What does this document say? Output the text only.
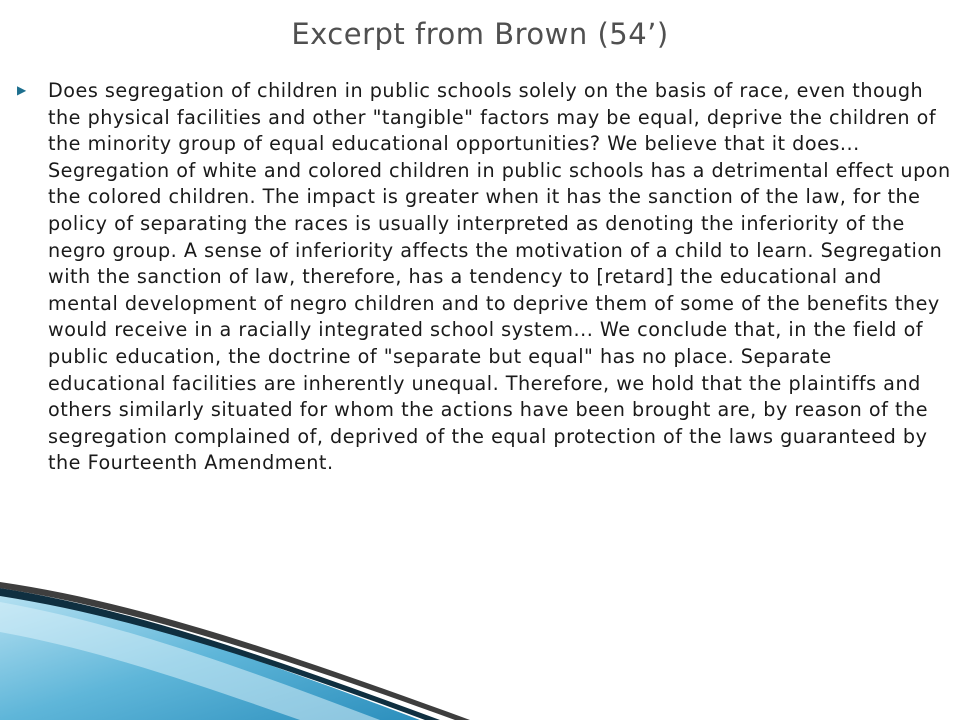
Excerpt from Brown (54’)
▶ Does segregation of children in public schools solely on the basis of race, even though the physical facilities and other "tangible" factors may be equal, deprive the children of the minority group of equal educational opportunities? We believe that it does... Segregation of white and colored children in public schools has a detrimental effect upon the colored children. The impact is greater when it has the sanction of the law, for the policy of separating the races is usually interpreted as denoting the inferiority of the negro group. A sense of inferiority affects the motivation of a child to learn. Segregation with the sanction of law, therefore, has a tendency to [retard] the educational and mental development of negro children and to deprive them of some of the benefits they would receive in a racially integrated school system... We conclude that, in the field of public education, the doctrine of "separate but equal" has no place. Separate educational facilities are inherently unequal. Therefore, we hold that the plaintiffs and others similarly situated for whom the actions have been brought are, by reason of the segregation complained of, deprived of the equal protection of the laws guaranteed by the Fourteenth Amendment.
